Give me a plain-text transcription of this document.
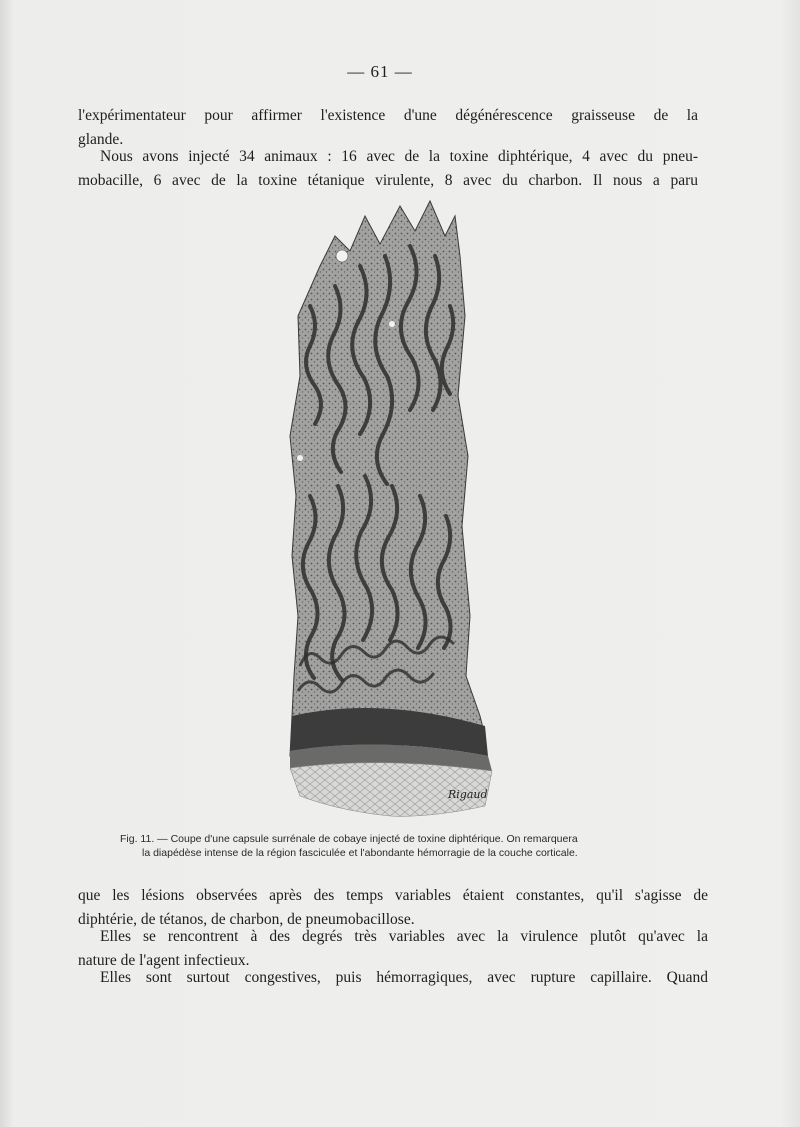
— 61 —

l'expérimentateur pour affirmer l'existence d'une dégénérescence graisseuse de la
glande.

Nous avons injecté 34 animaux : 16 avec de la toxine diphtérique, 4 avec du pneu-
mobacille, 6 avec de la toxine tétanique virulente, 8 avec du charbon. Il nous a paru

Rigaud
Fig. 11. — Coupe d'une capsule surrénale de cobaye injecté de toxine diphtérique. On remarquera
la diapédèse intense de la région fasciculée et l'abondante hémorragie de la couche corticale.

que les lésions observées après des temps variables étaient constantes, qu'il s'agisse de
diphtérie, de tétanos, de charbon, de pneumobacillose.

Elles se rencontrent à des degrés très variables avec la virulence plutôt qu'avec la
nature de l'agent infectieux.

Elles sont surtout congestives, puis hémorragiques, avec rupture capillaire. Quand
